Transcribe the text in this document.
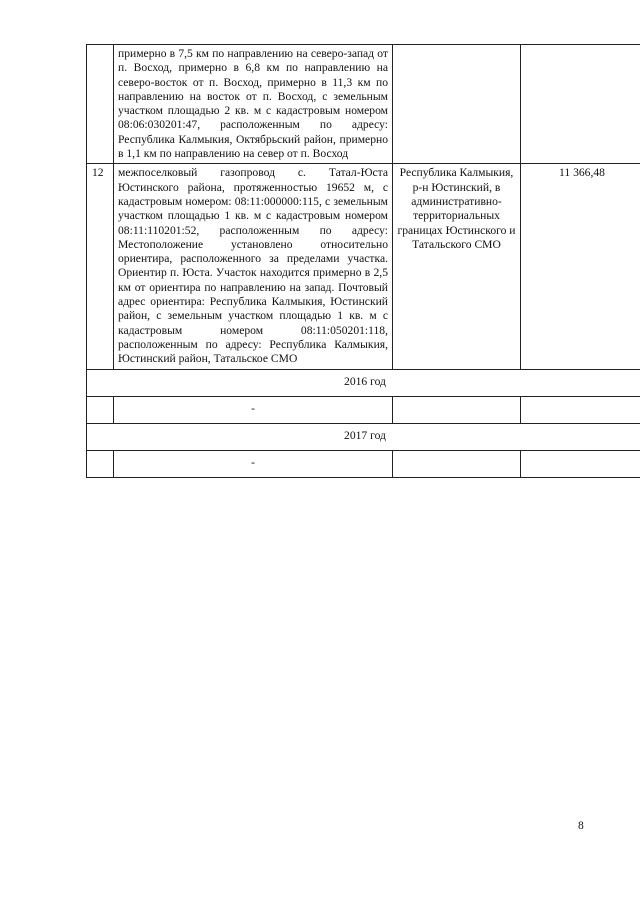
	примерно в 7,5 км по направлению на северо-запад от п. Восход, примерно в 6,8 км по направлению на северо-восток от п. Восход, примерно в 11,3 км по направлению на восток от п. Восход, с земельным участком площадью 2 кв. м с кадастровым номером 08:06:030201:47, расположенным по адресу: Республика Калмыкия, Октябрьский район, примерно в 1,1 км по направлению на север от п. Восход		

12	межпоселковый газопровод с. Татал-Юста Юстинского района, протяженностью 19652 м, с кадастровым номером: 08:11:000000:115, с земельным участком площадью 1 кв. м с кадастровым номером 08:11:110201:52, расположенным по адресу: Местоположение установлено относительно ориентира, расположенного за пределами участка. Ориентир п. Юста. Участок находится примерно в 2,5 км от ориентира по направлению на запад. Почтовый адрес ориентира: Республика Калмыкия, Юстинский район, с земельным участком площадью 1 кв. м с кадастровым номером 08:11:050201:118, расположенным по адресу: Республика Калмыкия, Юстинский район, Татальское СМО	Республика Калмыкия, р-н Юстинский, в административно-территориальных границах Юстинского и Татальского СМО	11 366,48
2016 год			
	-		
2017 год			
	-		
8
